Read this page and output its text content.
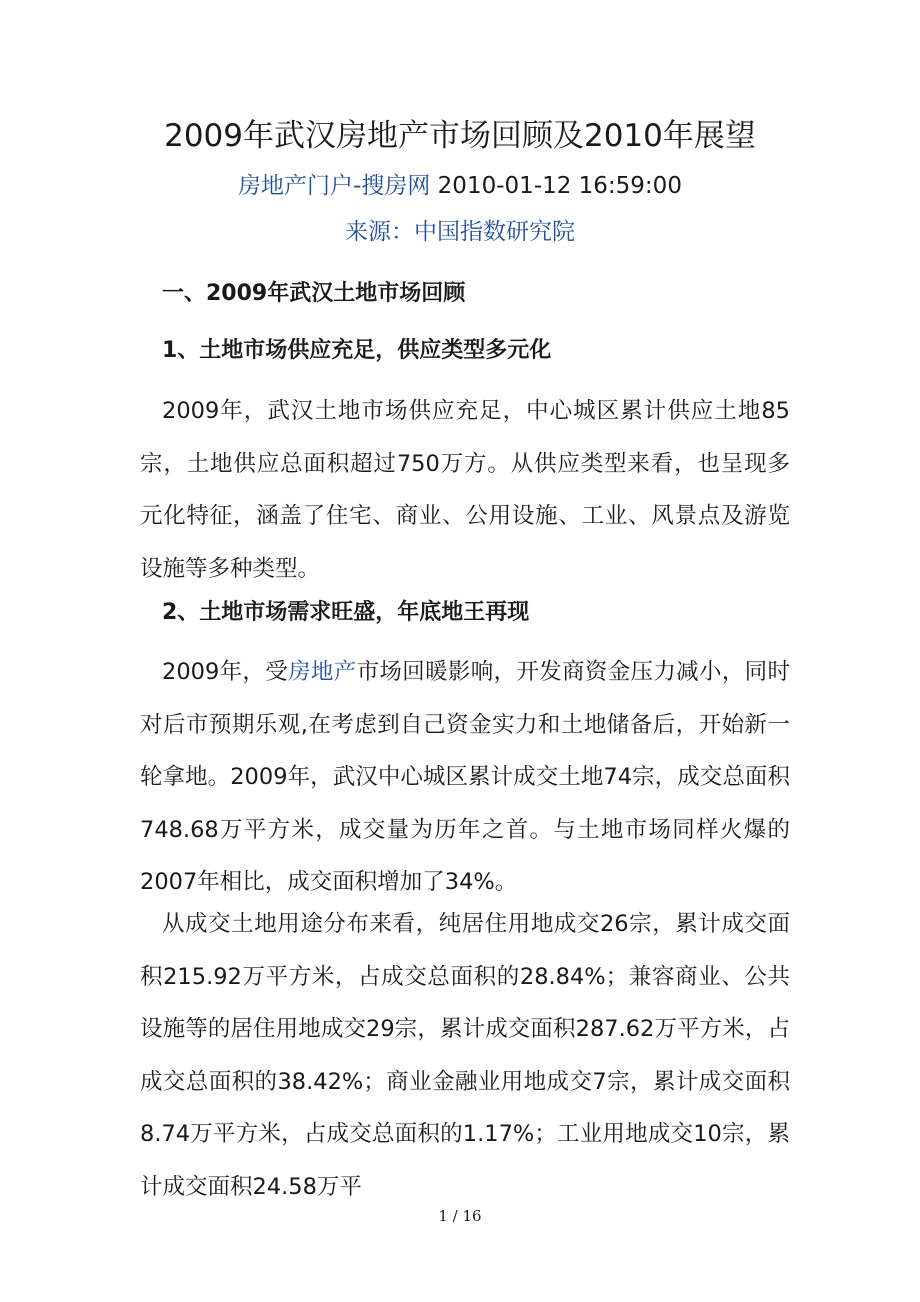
2009年武汉房地产市场回顾及2010年展望
房地产门户-搜房网 2010-01-12 16:59:00
来源：中国指数研究院
一、2009年武汉土地市场回顾
1、土地市场供应充足，供应类型多元化

2009年，武汉土地市场供应充足，中心城区累计供应土地85宗，土地供应总面积超过750万方。从供应类型来看，也呈现多元化特征，涵盖了住宅、商业、公用设施、工业、风景点及游览设施等多种类型。

2、土地市场需求旺盛，年底地王再现

2009年，受房地产市场回暖影响，开发商资金压力减小，同时对后市预期乐观,在考虑到自己资金实力和土地储备后，开始新一轮拿地。2009年，武汉中心城区累计成交土地74宗，成交总面积748.68万平方米，成交量为历年之首。与土地市场同样火爆的2007年相比，成交面积增加了34%。

从成交土地用途分布来看，纯居住用地成交26宗，累计成交面积215.92万平方米，占成交总面积的28.84%；兼容商业、公共设施等的居住用地成交29宗，累计成交面积287.62万平方米，占成交总面积的38.42%；商业金融业用地成交7宗，累计成交面积8.74万平方米，占成交总面积的1.17%；工业用地成交10宗，累计成交面积24.58万平

1 / 16
